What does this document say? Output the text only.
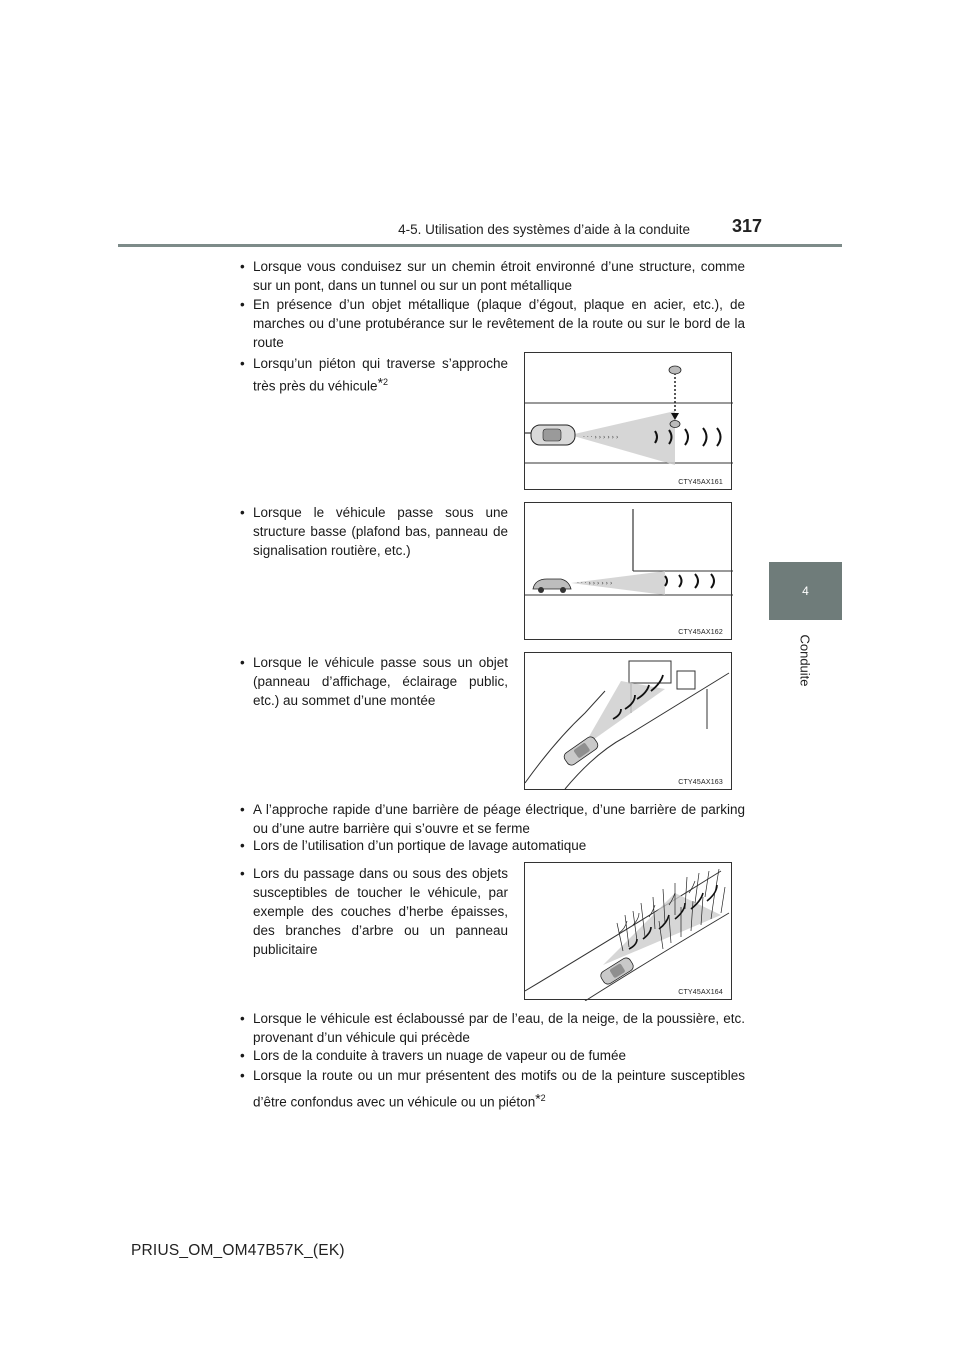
4-5. Utilisation des systèmes d’aide à la conduite 317
4
Conduite
• Lorsque vous conduisez sur un chemin étroit environné d’une structure, comme sur un pont, dans un tunnel ou sur un pont métallique
• En présence d’un objet métallique (plaque d’égout, plaque en acier, etc.), de marches ou d’une protubérance sur le revêtement de la route ou sur le bord de la route
• Lorsqu’un piéton qui traverse s’approche très près du véhicule*$^2$
· · · › › › › › ›
CTY45AX161
• Lorsque le véhicule passe sous une structure basse (plafond bas, panneau de signalisation routière, etc.)
· · · › › › › › ›
CTY45AX162
• Lorsque le véhicule passe sous un objet (panneau d’affichage, éclairage public, etc.) au sommet d’une montée
CTY45AX163
• A l’approche rapide d’une barrière de péage électrique, d’une barrière de parking ou d’une autre barrière qui s’ouvre et se ferme
• Lors de l’utilisation d’un portique de lavage automatique
• Lors du passage dans ou sous des objets susceptibles de toucher le véhicule, par exemple des couches d’herbe épaisses, des branches d’arbre ou un panneau publicitaire
CTY45AX164
• Lorsque le véhicule est éclaboussé par de l’eau, de la neige, de la poussière, etc. provenant d’un véhicule qui précède
• Lors de la conduite à travers un nuage de vapeur ou de fumée
• Lorsque la route ou un mur présentent des motifs ou de la peinture susceptibles d’être confondus avec un véhicule ou un piéton*$^2$
PRIUS_OM_OM47B57K_(EK)
